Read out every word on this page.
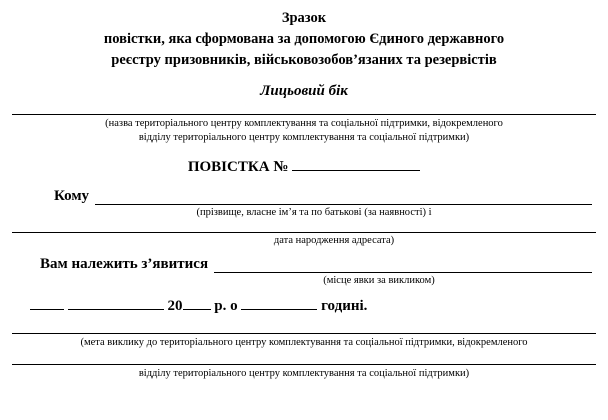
Зразок
повістки, яка сформована за допомогою Єдиного державного
реєстру призовників, військовозобов’язаних та резервістів
Лицьовий бік
(назва територіального центру комплектування та соціальної підтримки, відокремленого
відділу територіального центру комплектування та соціальної підтримки)
ПОВІСТКА №
Кому
(прізвище, власне ім’я та по батькові (за наявності) і
дата народження адресата)
Вам належить з’явитися
(місце явки за викликом)
20 р. о	годині.
(мета виклику до територіального центру комплектування та соціальної підтримки, відокремленого
відділу територіального центру комплектування та соціальної підтримки)
